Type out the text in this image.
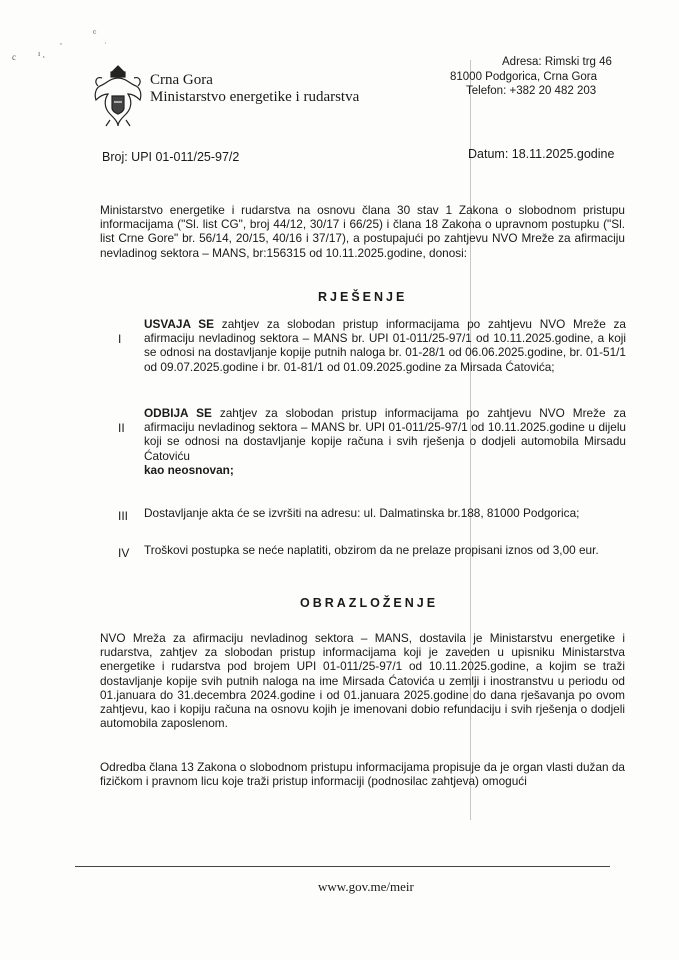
c	ı ¸
,
ͼ
·
Crna Gora
Ministarstvo energetike i rudarstva
Adresa: Rimski trg 46
81000 Podgorica, Crna Gora
Telefon: +382 20 482 203
Broj: UPI 01-011/25-97/2	Datum: 18.11.2025.godine
Ministarstvo energetike i rudarstva na osnovu člana 30 stav 1 Zakona o slobodnom pristupu informacijama ("Sl. list CG", broj 44/12, 30/17 i 66/25) i člana 18 Zakona o upravnom postupku ("Sl. list Crne Gore" br. 56/14, 20/15, 40/16 i 37/17), a postupajući po zahtjevu NVO Mreže za afirmaciju nevladinog sektora – MANS, br:156315 od 10.11.2025.godine, donosi:
RJEŠENJE
I
USVAJA SE zahtjev za slobodan pristup informacijama po zahtjevu NVO Mreže za afirmaciju nevladinog sektora – MANS br. UPI 01-011/25-97/1 od 10.11.2025.godine, a koji se odnosi na dostavljanje kopije putnih naloga br. 01-28/1 od 06.06.2025.godine, br. 01-51/1 od 09.07.2025.godine i br. 01-81/1 od 01.09.2025.godine za Mirsada Ćatovića;
II
ODBIJA SE zahtjev za slobodan pristup informacijama po zahtjevu NVO Mreže za afirmaciju nevladinog sektora – MANS br. UPI 01-011/25-97/1 od 10.11.2025.godine u dijelu koji se odnosi na dostavljanje kopije računa i svih rješenja o dodjeli automobila Mirsadu Ćatoviću
kao neosnovan;
III Dostavljanje akta će se izvršiti na adresu: ul. Dalmatinska br.188, 81000 Podgorica;
IV Troškovi postupka se neće naplatiti, obzirom da ne prelaze propisani iznos od 3,00 eur.
OBRAZLOŽENJE
NVO Mreža za afirmaciju nevladinog sektora – MANS, dostavila je Ministarstvu energetike i rudarstva, zahtjev za slobodan pristup informacijama koji je zaveden u upisniku Ministarstva energetike i rudarstva pod brojem UPI 01-011/25-97/1 od 10.11.2025.godine, a kojim se traži dostavljanje kopije svih putnih naloga na ime Mirsada Ćatovića u zemlji i inostranstvu u periodu od 01.januara do 31.decembra 2024.godine i od 01.januara 2025.godine do dana rješavanja po ovom zahtjevu, kao i kopiju računa na osnovu kojih je imenovani dobio refundaciju i svih rješenja o dodjeli automobila zaposlenom.
Odredba člana 13 Zakona o slobodnom pristupu informacijama propisuje da je organ vlasti dužan da fizičkom i pravnom licu koje traži pristup informaciji (podnosilac zahtjeva) omogući
www.gov.me/meir
